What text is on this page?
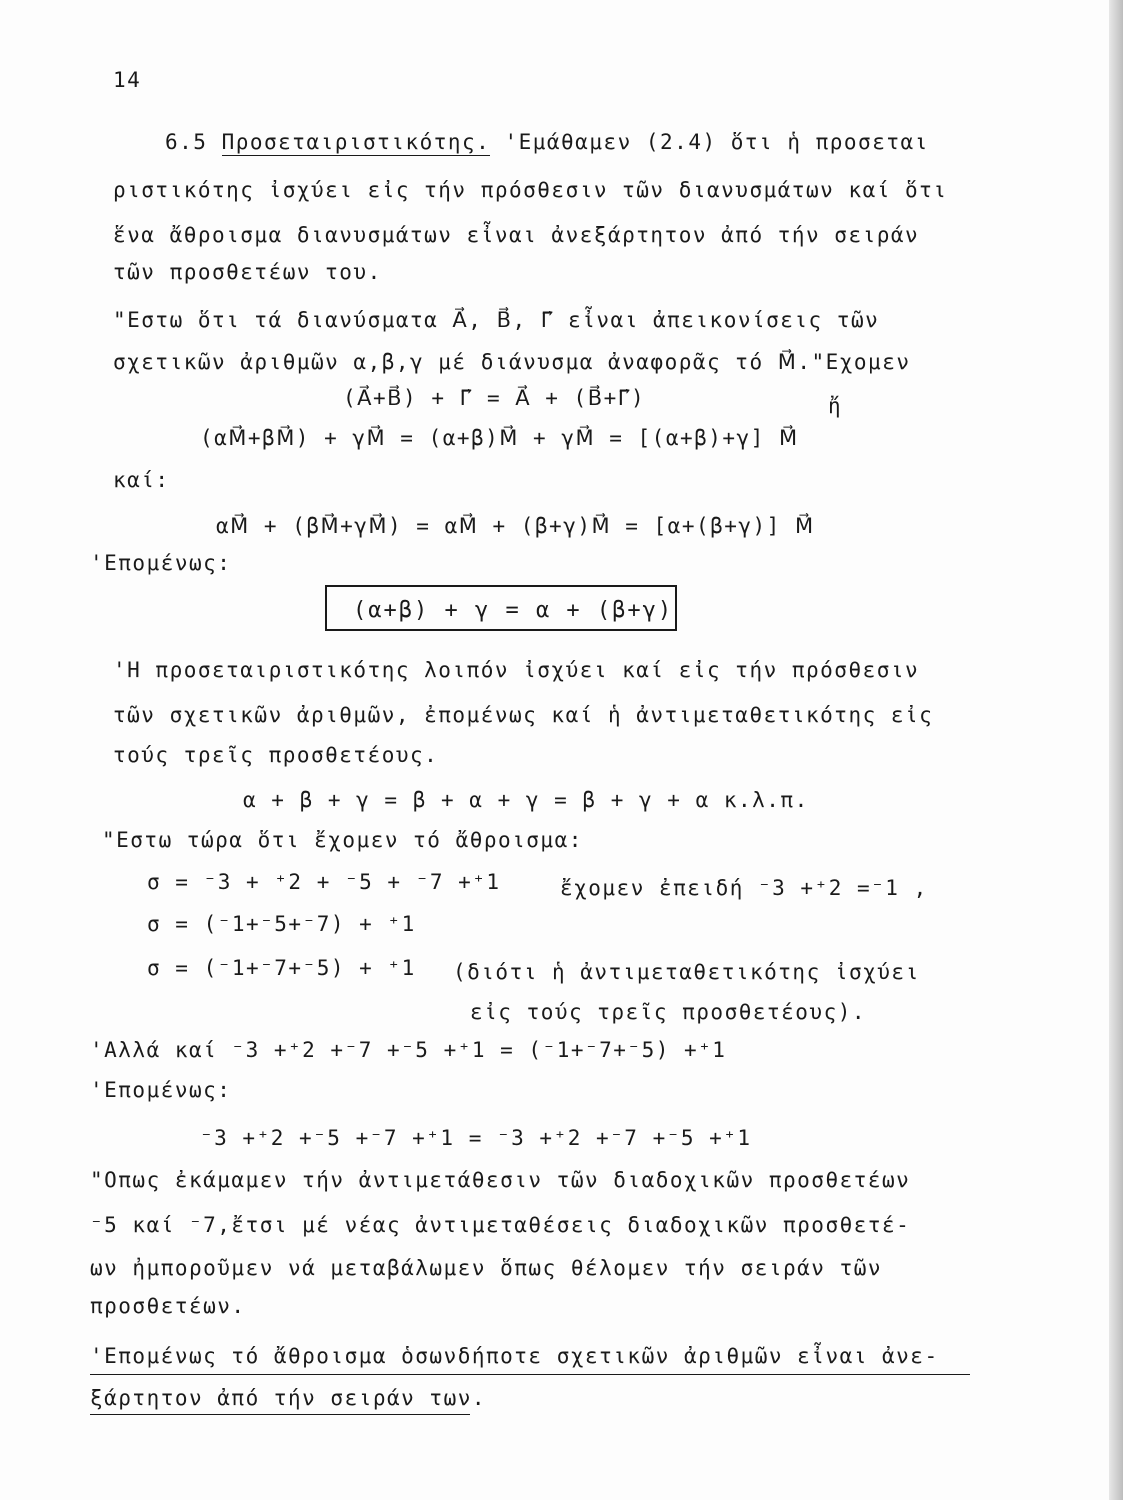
14
6.5 Προσεταιριστικότης. 'Εμάθαμεν (2.4) ὅτι ἡ προσεται
ριστικότης ἰσχύει εἰς τήν πρόσθεσιν τῶν διανυσμάτων καί ὅτι
ἕνα ἄθροισμα διανυσμάτων εἶναι ἀνεξάρτητον ἀπό τήν σειράν
τῶν προσθετέων του.
"Εστω ὅτι τά διανύσματα A⃗, B⃗, Γ⃗ εἶναι ἀπεικονίσεις τῶν
σχετικῶν ἀριθμῶν α,β,γ μέ διάνυσμα ἀναφορᾶς τό M⃗."Εχομεν
(A⃗+B⃗) + Γ⃗ = A⃗ + (B⃗+Γ⃗)	ἤ
(αM⃗+βM⃗) + γM⃗ = (α+β)M⃗ + γM⃗ = [(α+β)+γ] M⃗
καί:
αM⃗ + (βM⃗+γM⃗) = αM⃗ + (β+γ)M⃗ = [α+(β+γ)] M⃗
'Επομένως:
(α+β) + γ = α + (β+γ)
'Η προσεταιριστικότης λοιπόν ἰσχύει καί εἰς τήν πρόσθεσιν
τῶν σχετικῶν ἀριθμῶν, ἐπομένως καί ἡ ἀντιμεταθετικότης εἰς
τούς τρεῖς προσθετέους.
α + β + γ = β + α + γ = β + γ + α κ.λ.π.
"Εστω τώρα ὅτι ἔχομεν τό ἄθροισμα:
σ = ⁻3 + ⁺2 + ⁻5 + ⁻7 +⁺1	ἔχομεν ἐπειδή ⁻3 +⁺2 =⁻1 ,
σ = (⁻1+⁻5+⁻7) + ⁺1
σ = (⁻1+⁻7+⁻5) + ⁺1 (διότι ἡ ἀντιμεταθετικότης ἰσχύει
εἰς τούς τρεῖς προσθετέους).
'Αλλά καί ⁻3 +⁺2 +⁻7 +⁻5 +⁺1 = (⁻1+⁻7+⁻5) +⁺1
'Επομένως:
⁻3 +⁺2 +⁻5 +⁻7 +⁺1 = ⁻3 +⁺2 +⁻7 +⁻5 +⁺1
"Οπως ἐκάμαμεν τήν ἀντιμετάθεσιν τῶν διαδοχικῶν προσθετέων
⁻5 καί ⁻7,ἔτσι μέ νέας ἀντιμεταθέσεις διαδοχικῶν προσθετέ-
ων ἠμποροῦμεν νά μεταβάλωμεν ὅπως θέλομεν τήν σειράν τῶν
προσθετέων.
'Επομένως τό ἄθροισμα ὁσωνδήποτε σχετικῶν ἀριθμῶν εἶναι ἀνε-
ξάρτητον ἀπό τήν σειράν των.
